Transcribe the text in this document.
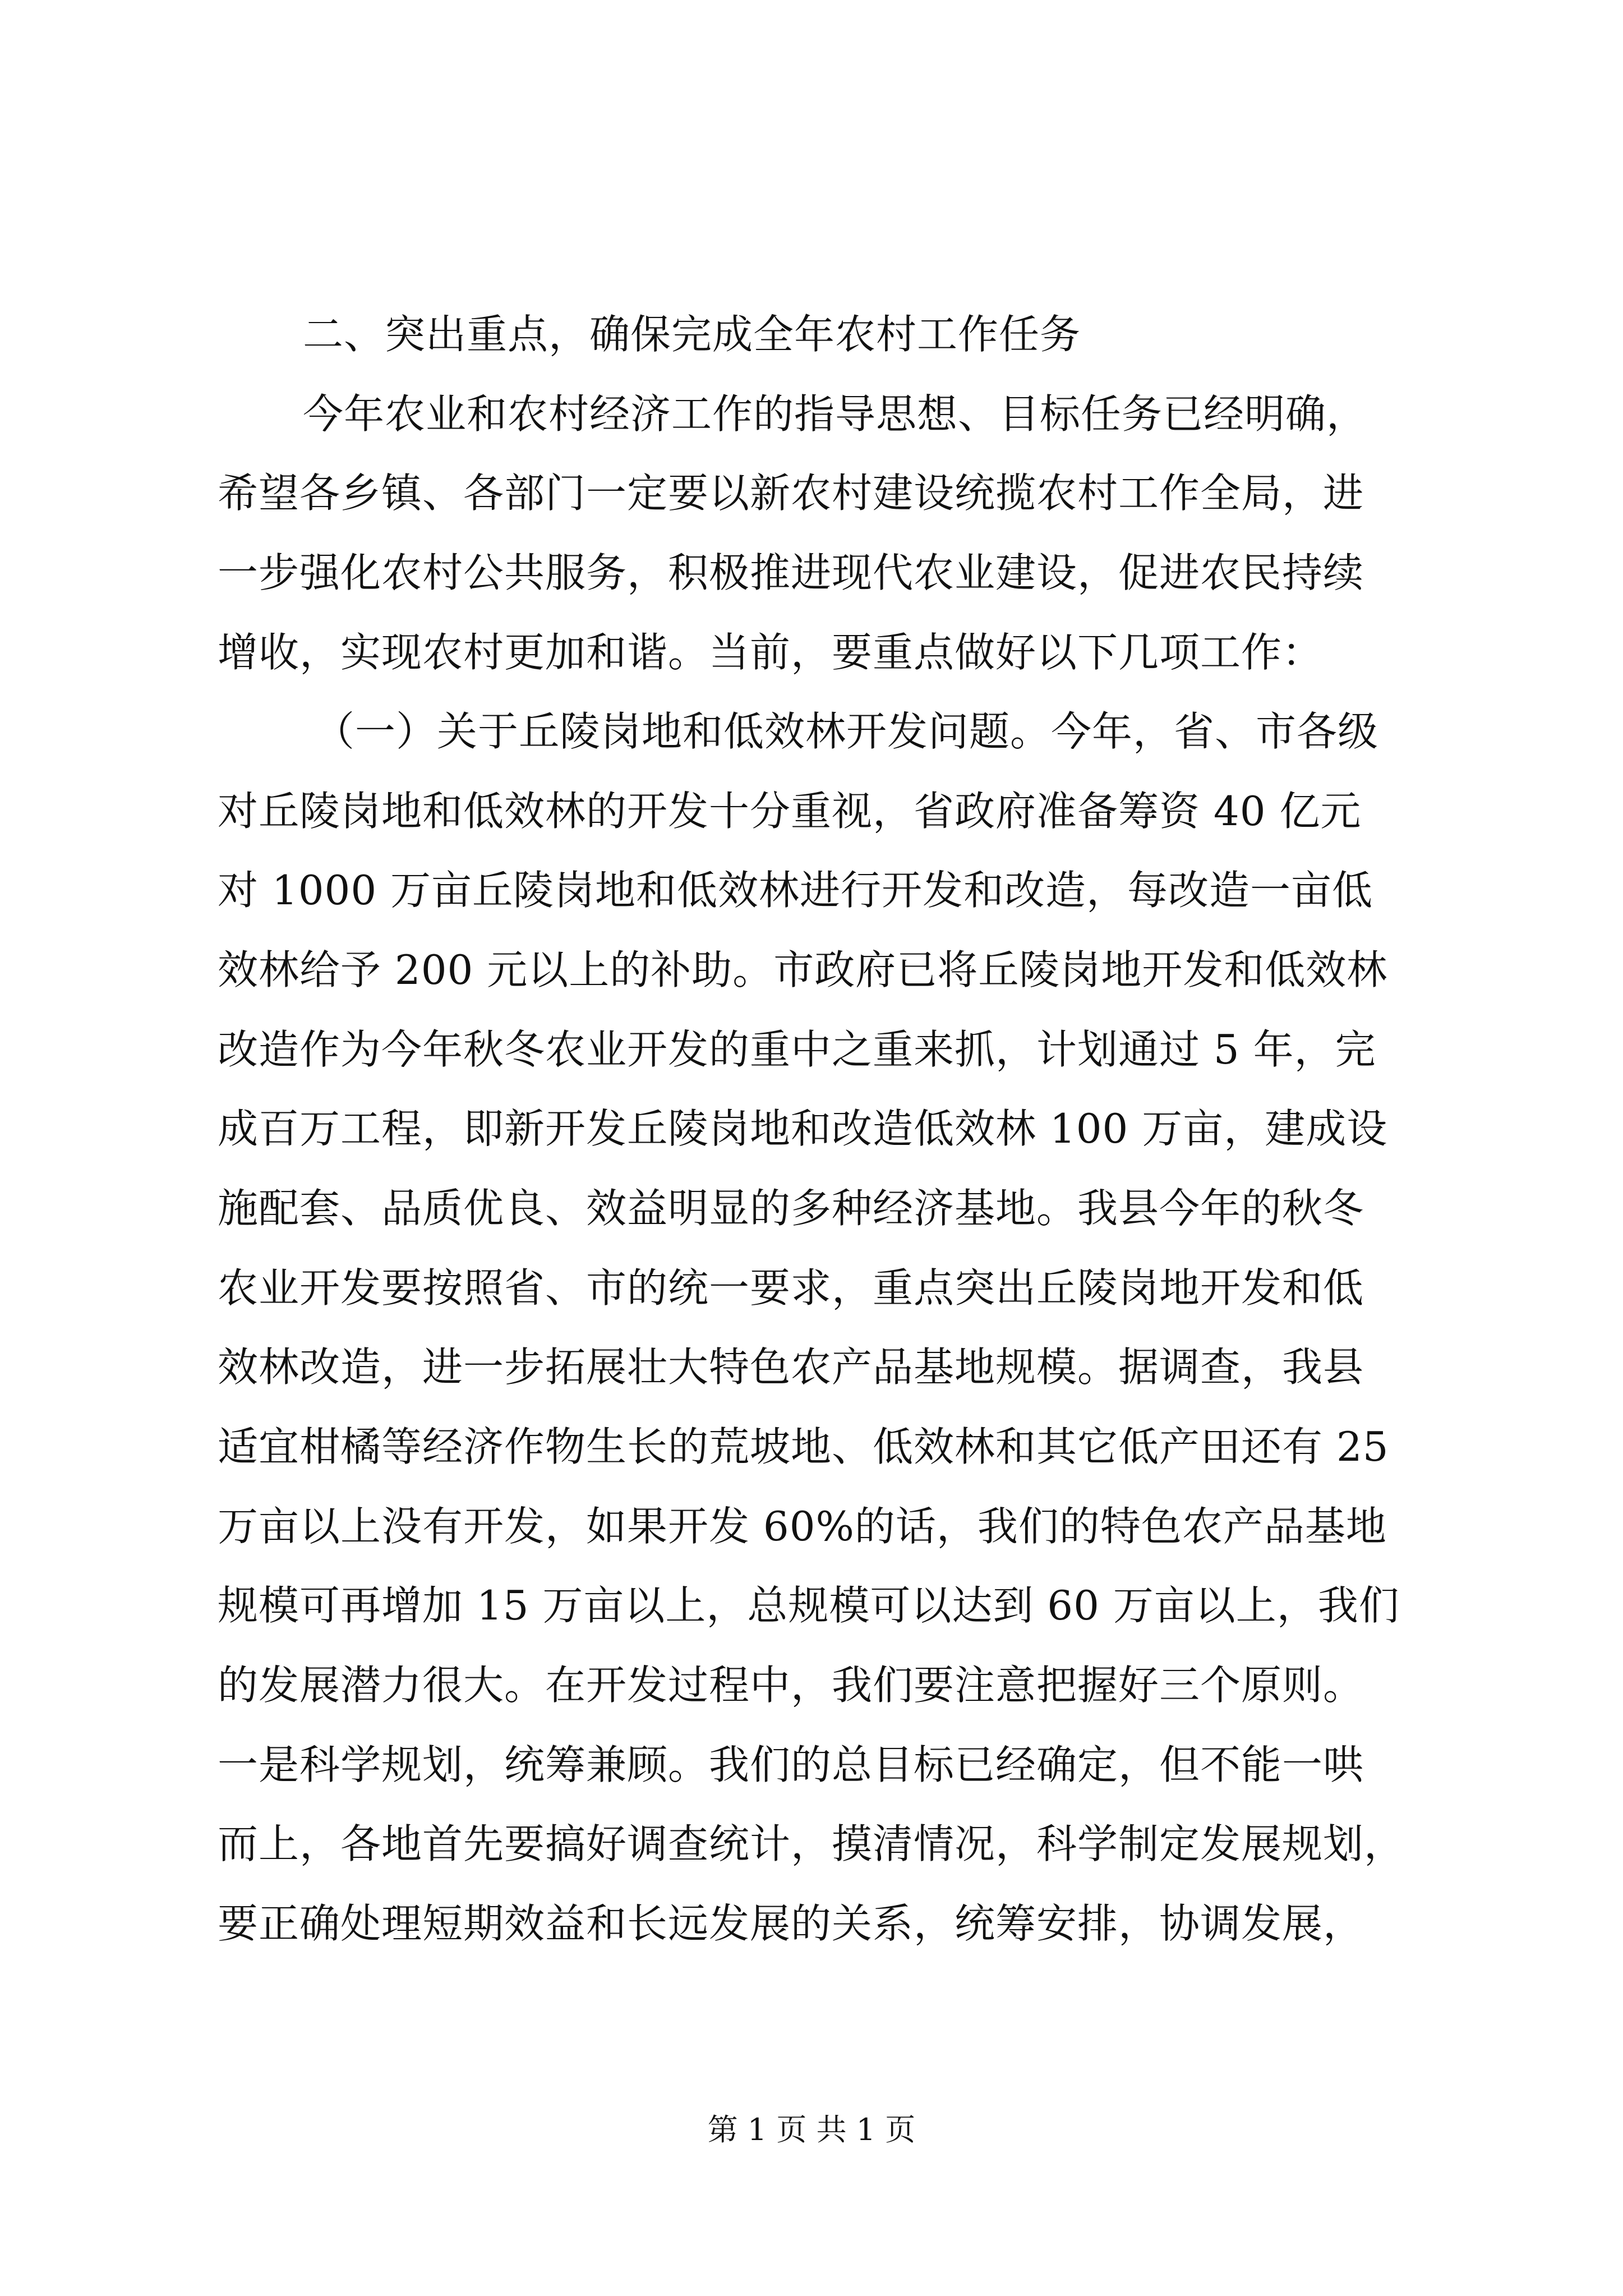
二、突出重点，确保完成全年农村工作任务
今年农业和农村经济工作的指导思想、目标任务已经明确，
希望各乡镇、各部门一定要以新农村建设统揽农村工作全局，进
一步强化农村公共服务，积极推进现代农业建设，促进农民持续
增收，实现农村更加和谐。当前，要重点做好以下几项工作：
（一）关于丘陵岗地和低效林开发问题。今年，省、市各级
对丘陵岗地和低效林的开发十分重视，省政府准备筹资 40 亿元
对 1000 万亩丘陵岗地和低效林进行开发和改造，每改造一亩低
效林给予 200 元以上的补助。市政府已将丘陵岗地开发和低效林
改造作为今年秋冬农业开发的重中之重来抓，计划通过 5 年，完
成百万工程，即新开发丘陵岗地和改造低效林 100 万亩，建成设
施配套、品质优良、效益明显的多种经济基地。我县今年的秋冬
农业开发要按照省、市的统一要求，重点突出丘陵岗地开发和低
效林改造，进一步拓展壮大特色农产品基地规模。据调查，我县
适宜柑橘等经济作物生长的荒坡地、低效林和其它低产田还有 25
万亩以上没有开发，如果开发 60%的话，我们的特色农产品基地
规模可再增加 15 万亩以上，总规模可以达到 60 万亩以上，我们
的发展潜力很大。在开发过程中，我们要注意把握好三个原则。
一是科学规划，统筹兼顾。我们的总目标已经确定，但不能一哄
而上，各地首先要搞好调查统计，摸清情况，科学制定发展规划，
要正确处理短期效益和长远发展的关系，统筹安排，协调发展，
第 1 页 共 1 页
